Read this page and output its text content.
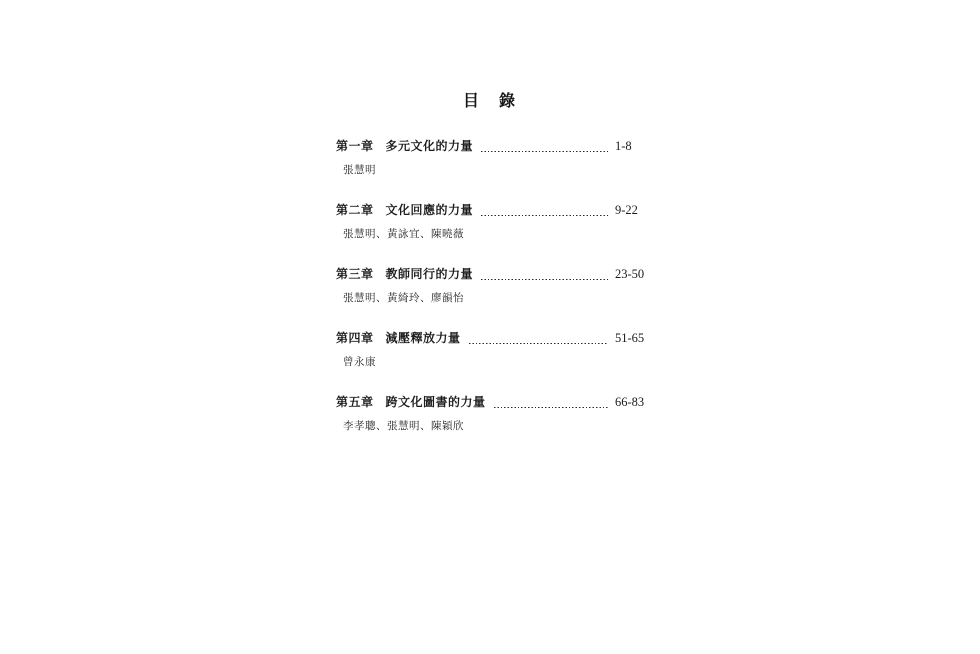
目　錄
第一章 多元文化的力量	1-8
張慧明
第二章 文化回應的力量	9-22
張慧明、黃詠宜、陳曉薇
第三章 教師同行的力量	23-50
張慧明、黃綺玲、廖韻怡
第四章 減壓釋放力量	51-65
曾永康
第五章 跨文化圖書的力量	66-83
李孝聰、張慧明、陳穎欣
